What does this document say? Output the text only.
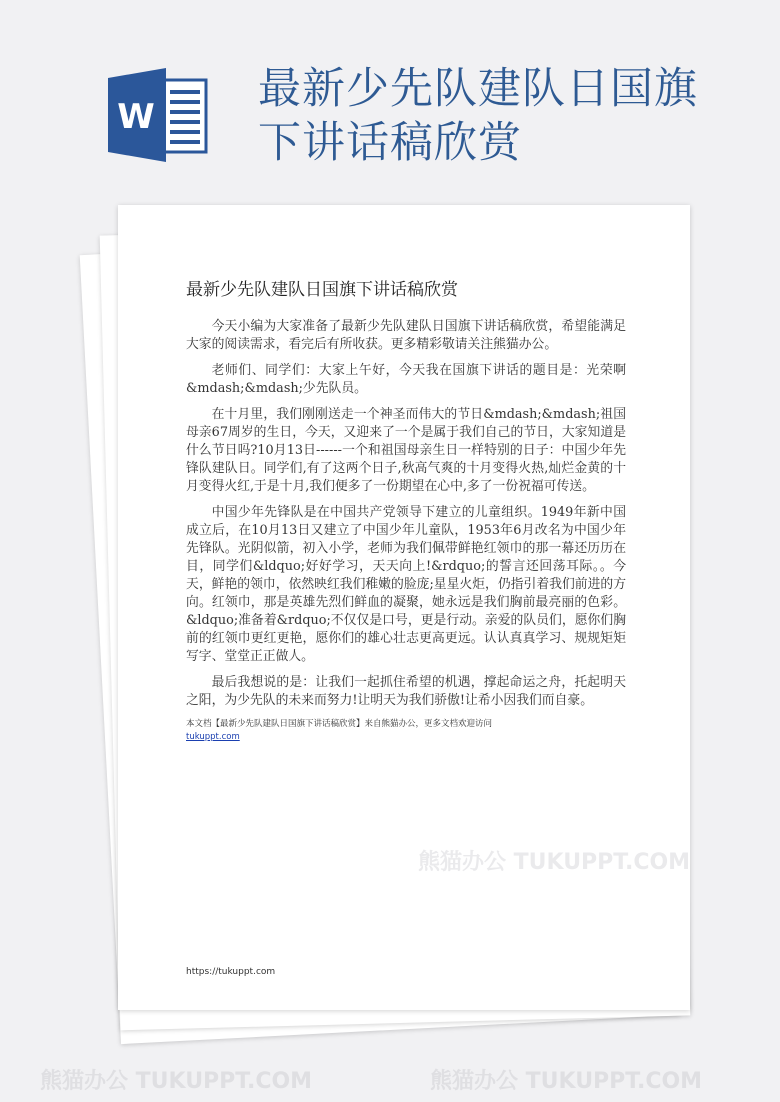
W
最新少先队建队日国旗下讲话稿欣赏
最新少先队建队日国旗下讲话稿欣赏

今天小编为大家准备了最新少先队建队日国旗下讲话稿欣赏，希望能满足大家的阅读需求，看完后有所收获。更多精彩敬请关注熊猫办公。

老师们、同学们：大家上午好，今天我在国旗下讲话的题目是：光荣啊&mdash;&mdash;少先队员。

在十月里，我们刚刚送走一个神圣而伟大的节日&mdash;&mdash;祖国母亲67周岁的生日，今天，又迎来了一个是属于我们自己的节日，大家知道是什么节日吗?10月13日------一个和祖国母亲生日一样特别的日子：中国少年先锋队建队日。同学们,有了这两个日子,秋高气爽的十月变得火热,灿烂金黄的十月变得火红,于是十月,我们便多了一份期望在心中,多了一份祝福可传送。

中国少年先锋队是在中国共产党领导下建立的儿童组织。1949年新中国成立后，在10月13日又建立了中国少年儿童队，1953年6月改名为中国少年先锋队。光阴似箭，初入小学，老师为我们佩带鲜艳红领巾的那一幕还历历在目，同学们&ldquo;好好学习，天天向上!&rdquo;的誓言还回荡耳际。。今天，鲜艳的领巾，依然映红我们稚嫩的脸庞;星星火炬，仍指引着我们前进的方向。红领巾，那是英雄先烈们鲜血的凝聚，她永远是我们胸前最亮丽的色彩。&ldquo;准备着&rdquo;不仅仅是口号，更是行动。亲爱的队员们，愿你们胸前的红领巾更红更艳，愿你们的雄心壮志更高更远。认认真真学习、规规矩矩写字、堂堂正正做人。

最后我想说的是：让我们一起抓住希望的机遇，撑起命运之舟，托起明天之阳，为少先队的未来而努力!让明天为我们骄傲!让希小因我们而自豪。

本文档【最新少先队建队日国旗下讲话稿欣赏】来自熊猫办公，更多文档欢迎访问
tukuppt.com
熊猫办公 TUKUPPT.COM
https://tukuppt.com
熊猫办公 TUKUPPT.COM	熊猫办公 TUKUPPT.COM
